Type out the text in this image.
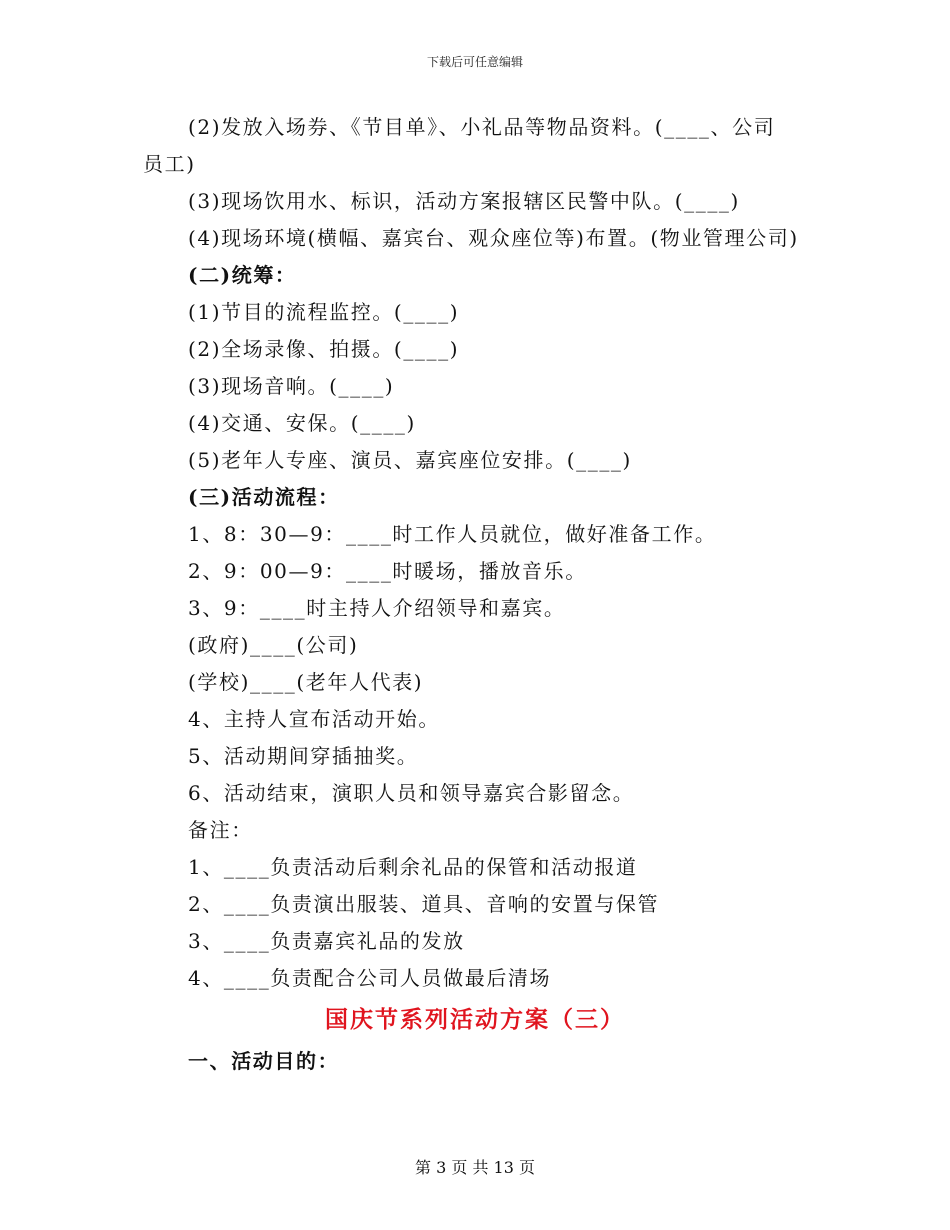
下载后可任意编辑
(2)发放入场券、《节目单》、小礼品等物品资料。(____、公司
员工)
(3)现场饮用水、标识，活动方案报辖区民警中队。(____)
(4)现场环境(横幅、嘉宾台、观众座位等)布置。(物业管理公司)
(二)统筹：
(1)节目的流程监控。(____)
(2)全场录像、拍摄。(____)
(3)现场音响。(____)
(4)交通、安保。(____)
(5)老年人专座、演员、嘉宾座位安排。(____)
(三)活动流程：
1、8：30—9：____时工作人员就位，做好准备工作。
2、9：00—9：____时暖场，播放音乐。
3、9：____时主持人介绍领导和嘉宾。
(政府)____(公司)
(学校)____(老年人代表)
4、主持人宣布活动开始。
5、活动期间穿插抽奖。
6、活动结束，演职人员和领导嘉宾合影留念。
备注：
1、____负责活动后剩余礼品的保管和活动报道
2、____负责演出服装、道具、音响的安置与保管
3、____负责嘉宾礼品的发放
4、____负责配合公司人员做最后清场
国庆节系列活动方案（三）
一、活动目的：
第 3 页 共 13 页
